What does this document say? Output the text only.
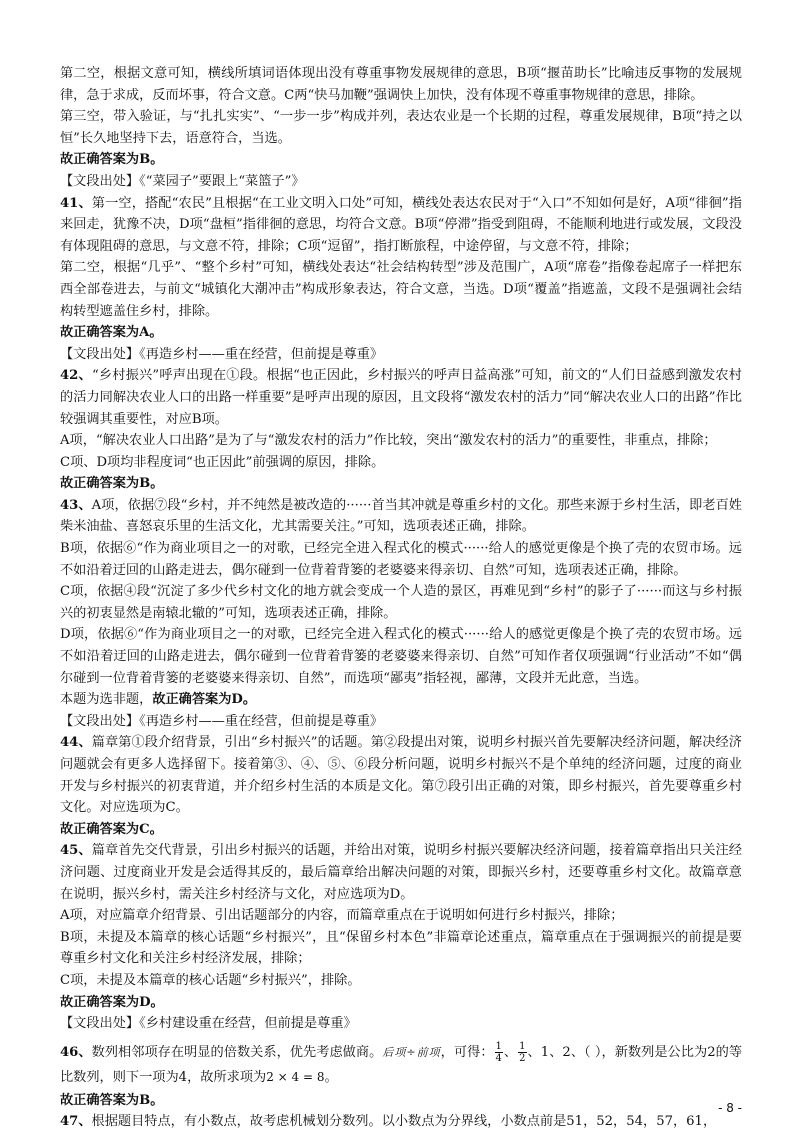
第二空，根据文意可知，横线所填词语体现出没有尊重事物发展规律的意思，B项“揠苗助长”比喻违反事物的发展规律，急于求成，反而坏事，符合文意。C两“快马加鞭”强调快上加快，没有体现不尊重事物规律的意思，排除。

第三空，带入验证，与“扎扎实实”、“一步一步”构成并列，表达农业是一个长期的过程，尊重发展规律，B项“持之以恒”长久地坚持下去，语意符合，当选。

故正确答案为B。

【文段出处】《“菜园子”要跟上“菜篮子”》

41、第一空，搭配“农民”且根据“在工业文明入口处”可知，横线处表达农民对于“入口”不知如何是好，A项“徘徊”指来回走，犹豫不决，D项“盘桓”指徘徊的意思，均符合文意。B项“停滞”指受到阻碍，不能顺利地进行或发展，文段没有体现阻碍的意思，与文意不符，排除；C项“逗留”，指打断旅程，中途停留，与文意不符，排除；

第二空，根据“几乎”、“整个乡村”可知，横线处表达“社会结构转型”涉及范围广，A项“席卷”指像卷起席子一样把东西全部卷进去，与前文“城镇化大潮冲击”构成形象表达，符合文意，当选。D项“覆盖”指遮盖，文段不是强调社会结构转型遮盖住乡村，排除。

故正确答案为A。

【文段出处】《再造乡村——重在经营，但前提是尊重》

42、“乡村振兴”呼声出现在①段。根据“也正因此，乡村振兴的呼声日益高涨”可知，前文的“人们日益感到激发农村的活力同解决农业人口的出路一样重要”是呼声出现的原因，且文段将“激发农村的活力”同“解决农业人口的出路”作比较强调其重要性，对应B项。

A项，“解决农业人口出路”是为了与“激发农村的活力”作比较，突出“激发农村的活力”的重要性，非重点，排除；

C项、D项均非程度词“也正因此”前强调的原因，排除。

故正确答案为B。

43、A项，依据⑦段“乡村，并不纯然是被改造的······首当其冲就是尊重乡村的文化。那些来源于乡村生活，即老百姓柴米油盐、喜怒哀乐里的生活文化，尤其需要关注。”可知，选项表述正确，排除。

B项，依据⑥“作为商业项目之一的对歌，已经完全进入程式化的模式······给人的感觉更像是个换了壳的农贸市场。远不如沿着迂回的山路走进去，偶尔碰到一位背着背篓的老婆婆来得亲切、自然”可知，选项表述正确，排除。

C项，依据④段“沉淀了多少代乡村文化的地方就会变成一个人造的景区，再难见到“乡村”的影子了······而这与乡村振兴的初衷显然是南辕北辙的”可知，选项表述正确，排除。

D项，依据⑥“作为商业项目之一的对歌，已经完全进入程式化的模式······给人的感觉更像是个换了壳的农贸市场。远不如沿着迂回的山路走进去，偶尔碰到一位背着背篓的老婆婆来得亲切、自然”可知作者仅项强调“行业活动”不如“偶尔碰到一位背着背篓的老婆婆来得亲切、自然”，而选项“鄙夷”指轻视，鄙薄，文段并无此意，当选。

本题为选非题，故正确答案为D。

【文段出处】《再造乡村——重在经营，但前提是尊重》

44、篇章第①段介绍背景，引出“乡村振兴”的话题。第②段提出对策，说明乡村振兴首先要解决经济问题，解决经济问题就会有更多人选择留下。接着第③、④、⑤、⑥段分析问题，说明乡村振兴不是个单纯的经济问题，过度的商业开发与乡村振兴的初衷背道，并介绍乡村生活的本质是文化。第⑦段引出正确的对策，即乡村振兴，首先要尊重乡村文化。对应选项为C。

故正确答案为C。

45、篇章首先交代背景，引出乡村振兴的话题，并给出对策，说明乡村振兴要解决经济问题，接着篇章指出只关注经济问题、过度商业开发是会适得其反的，最后篇章给出解决问题的对策，即振兴乡村，还要尊重乡村文化。故篇章意在说明，振兴乡村，需关注乡村经济与文化，对应选项为D。

A项，对应篇章介绍背景、引出话题部分的内容，而篇章重点在于说明如何进行乡村振兴，排除；

B项，未提及本篇章的核心话题“乡村振兴”，且“保留乡村本色”非篇章论述重点，篇章重点在于强调振兴的前提是要尊重乡村文化和关注乡村经济发展，排除；

C项，未提及本篇章的核心话题“乡村振兴”，排除。

故正确答案为D。

【文段出处】《乡村建设重在经营，但前提是尊重》

46、数列相邻项存在明显的倍数关系，优先考虑做商。后项÷前项，可得： $\frac{1}{4}$ 、 $\frac{1}{2}$ 、1、2、（ ），新数列是公比为2的等比数列，则下一项为4，故所求项为2 × 4 = 8。

故正确答案为B。

47、根据题目特点，有小数点，故考虑机械划分数列。以小数点为分界线，小数点前是51，52，54，57，61，

- 8 -
